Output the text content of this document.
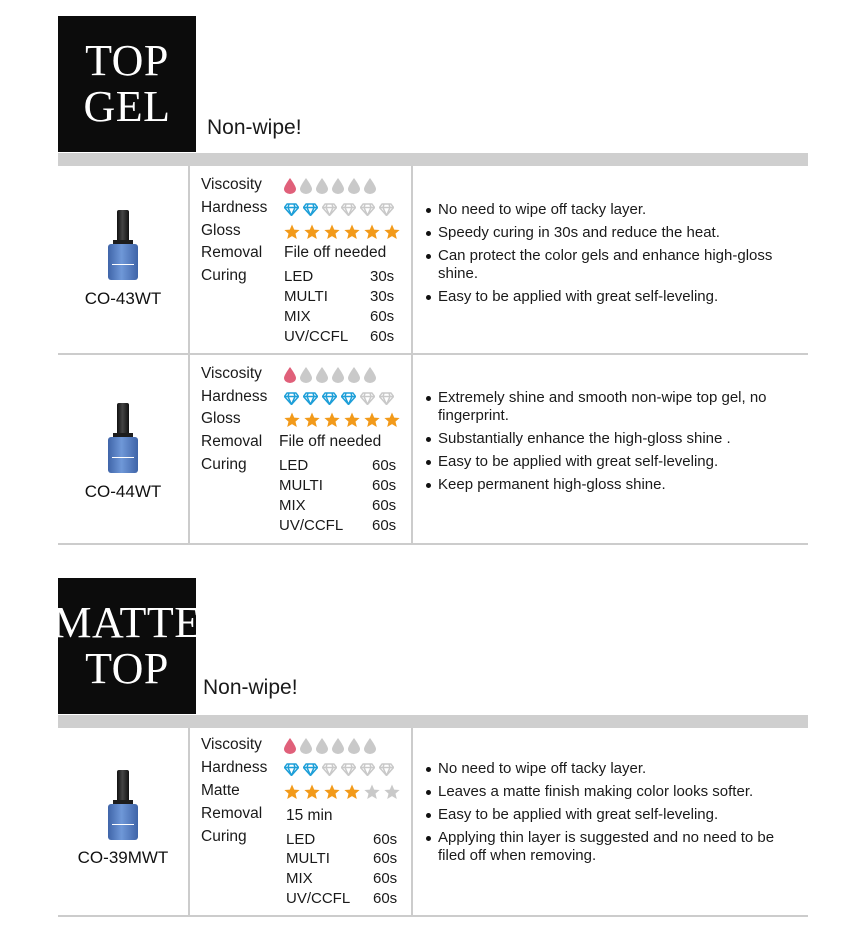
TOP
GEL Non-wipe!
CO-43WT
Viscosity
Hardness
Gloss
Removal File off needed
Curing LED	30s
MULTI	30s
MIX	60s
UV/CCFL 60s
No need to wipe off tacky layer.
Speedy curing in 30s and reduce the heat.
Can protect the color gels and enhance high-gloss shine.
Easy to be applied with great self-leveling.
CO-44WT
Viscosity
Hardness
Gloss
Removal File off needed
Curing LED	60s
MULTI	60s
MIX	60s
UV/CCFL 60s
Extremely shine and smooth non-wipe top gel, no fingerprint.
Substantially enhance the high-gloss shine .
Easy to be applied with great self-leveling.
Keep permanent high-gloss shine.
MATTE
TOP Non-wipe!
CO-39MWT
Viscosity
Hardness
Matte
Removal 15 min
Curing	LED	60s
MULTI	60s
MIX	60s
UV/CCFL 60s
No need to wipe off tacky layer.
Leaves a matte finish making color looks softer.
Easy to be applied with great self-leveling.
Applying thin layer is suggested and no need to be filed off when removing.
